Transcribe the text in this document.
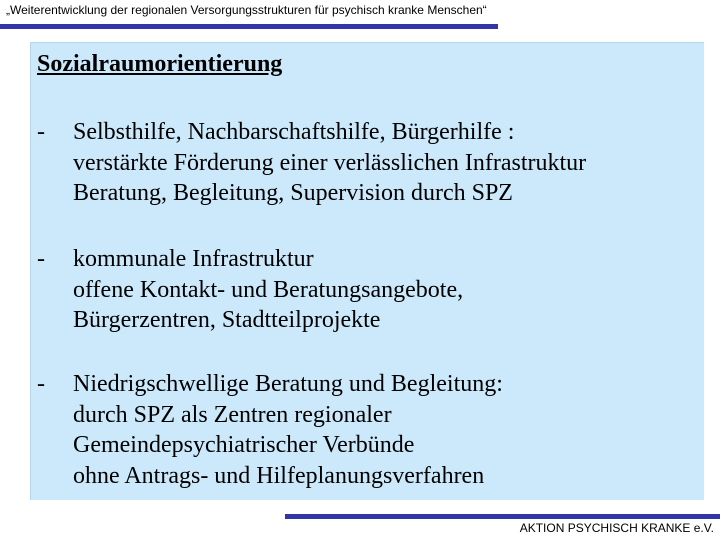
„Weiterentwicklung der regionalen Versorgungsstrukturen für psychisch kranke Menschen“
Sozialraumorientierung
- Selbsthilfe, Nachbarschaftshilfe, Bürgerhilfe :
verstärkte Förderung einer verlässlichen Infrastruktur
Beratung, Begleitung, Supervision durch SPZ
- kommunale Infrastruktur
offene Kontakt- und Beratungsangebote,
Bürgerzentren, Stadtteilprojekte
- Niedrigschwellige Beratung und Begleitung:
durch SPZ als Zentren regionaler
Gemeindepsychiatrischer Verbünde
ohne Antrags- und Hilfeplanungsverfahren
AKTION PSYCHISCH KRANKE e.V.
